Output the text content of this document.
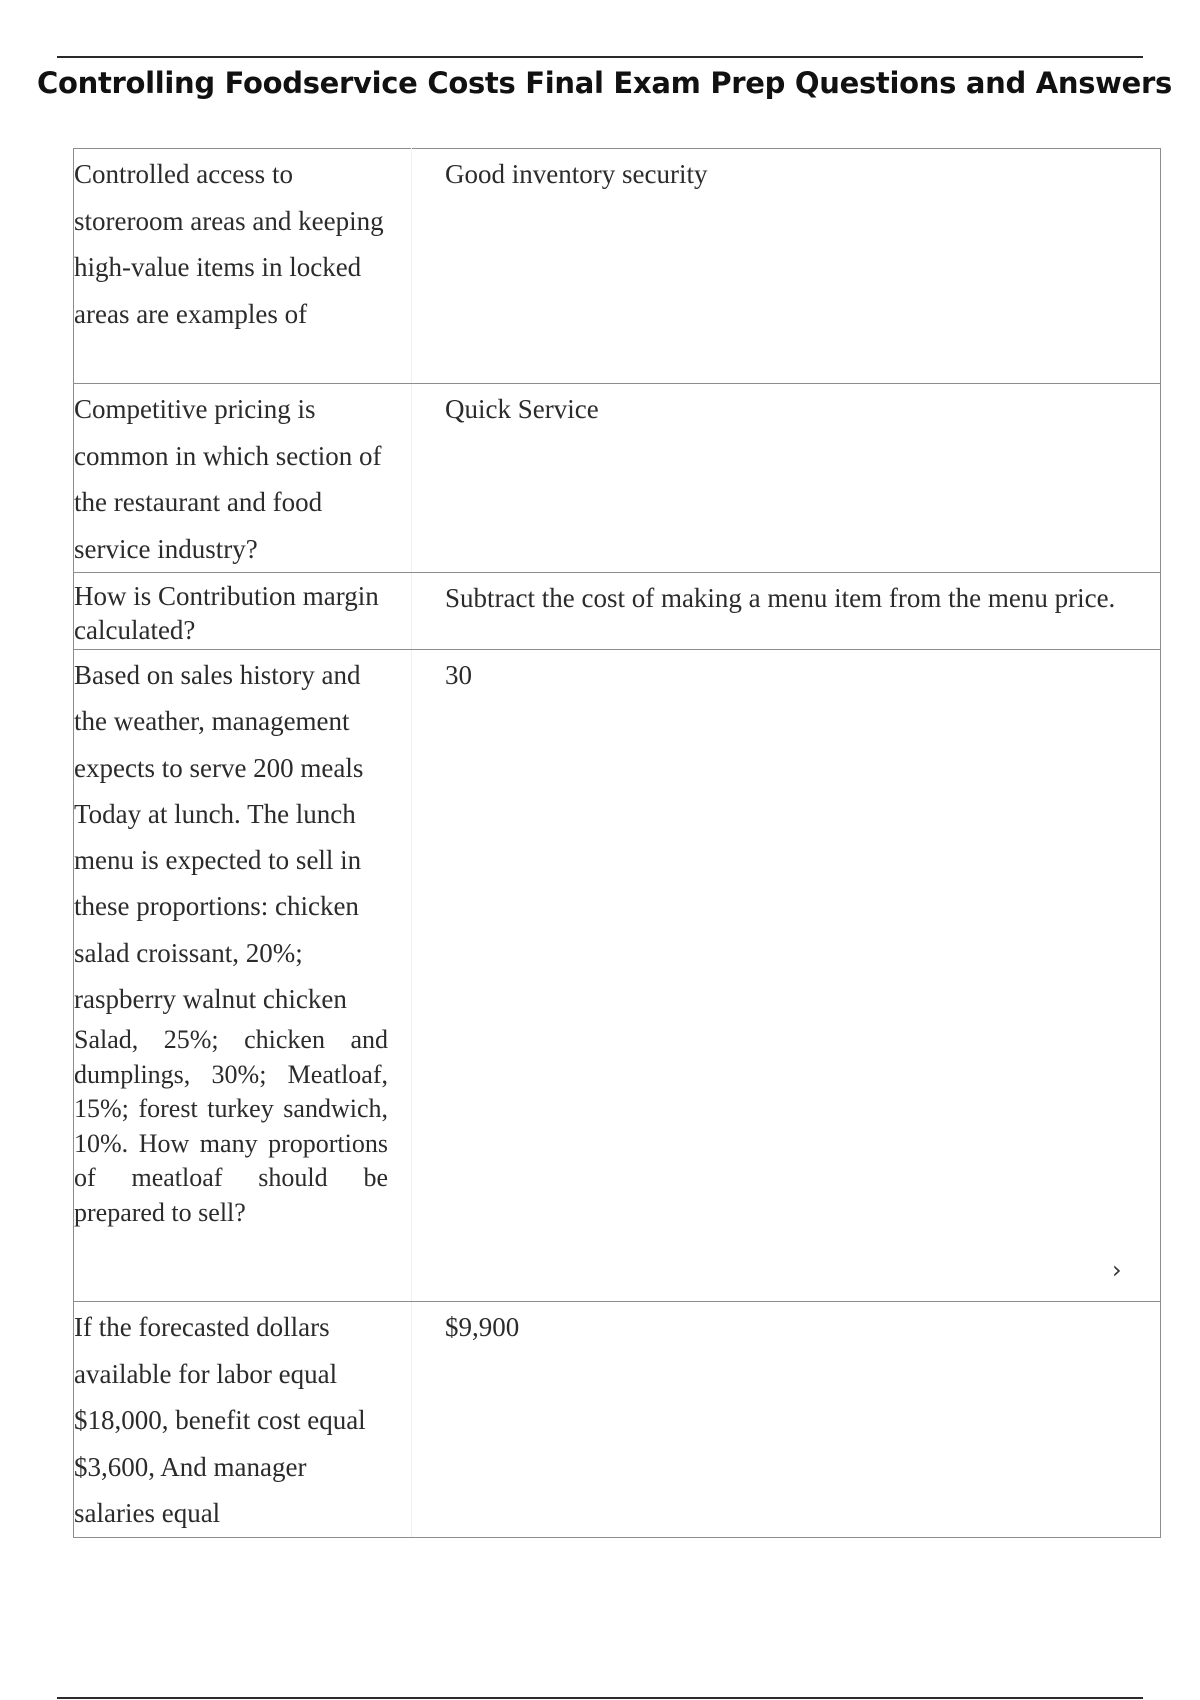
Controlling Foodservice Costs Final Exam Prep Questions and Answers
Controlled access to storeroom areas and keeping high-value items in locked areas are examples of	Good inventory security

Competitive pricing is common in which section of the restaurant and food service industry?	Quick Service

How is Contribution margin calculated?	Subtract the cost of making a menu item from the menu price.

Based on sales history and the weather, management expects to serve 200 meals Today at lunch. The lunch menu is expected to sell in these proportions: chicken salad croissant, 20%; raspberry walnut chicken
Salad, 25%; chicken and dumplings, 30%; Meatloaf, 15%; forest turkey sandwich, 10%. How many proportions of meatloaf should be prepared to sell?	30

If the forecasted dollars available for labor equal $18,000, benefit cost equal $3,600, And manager salaries equal	$9,900
›
